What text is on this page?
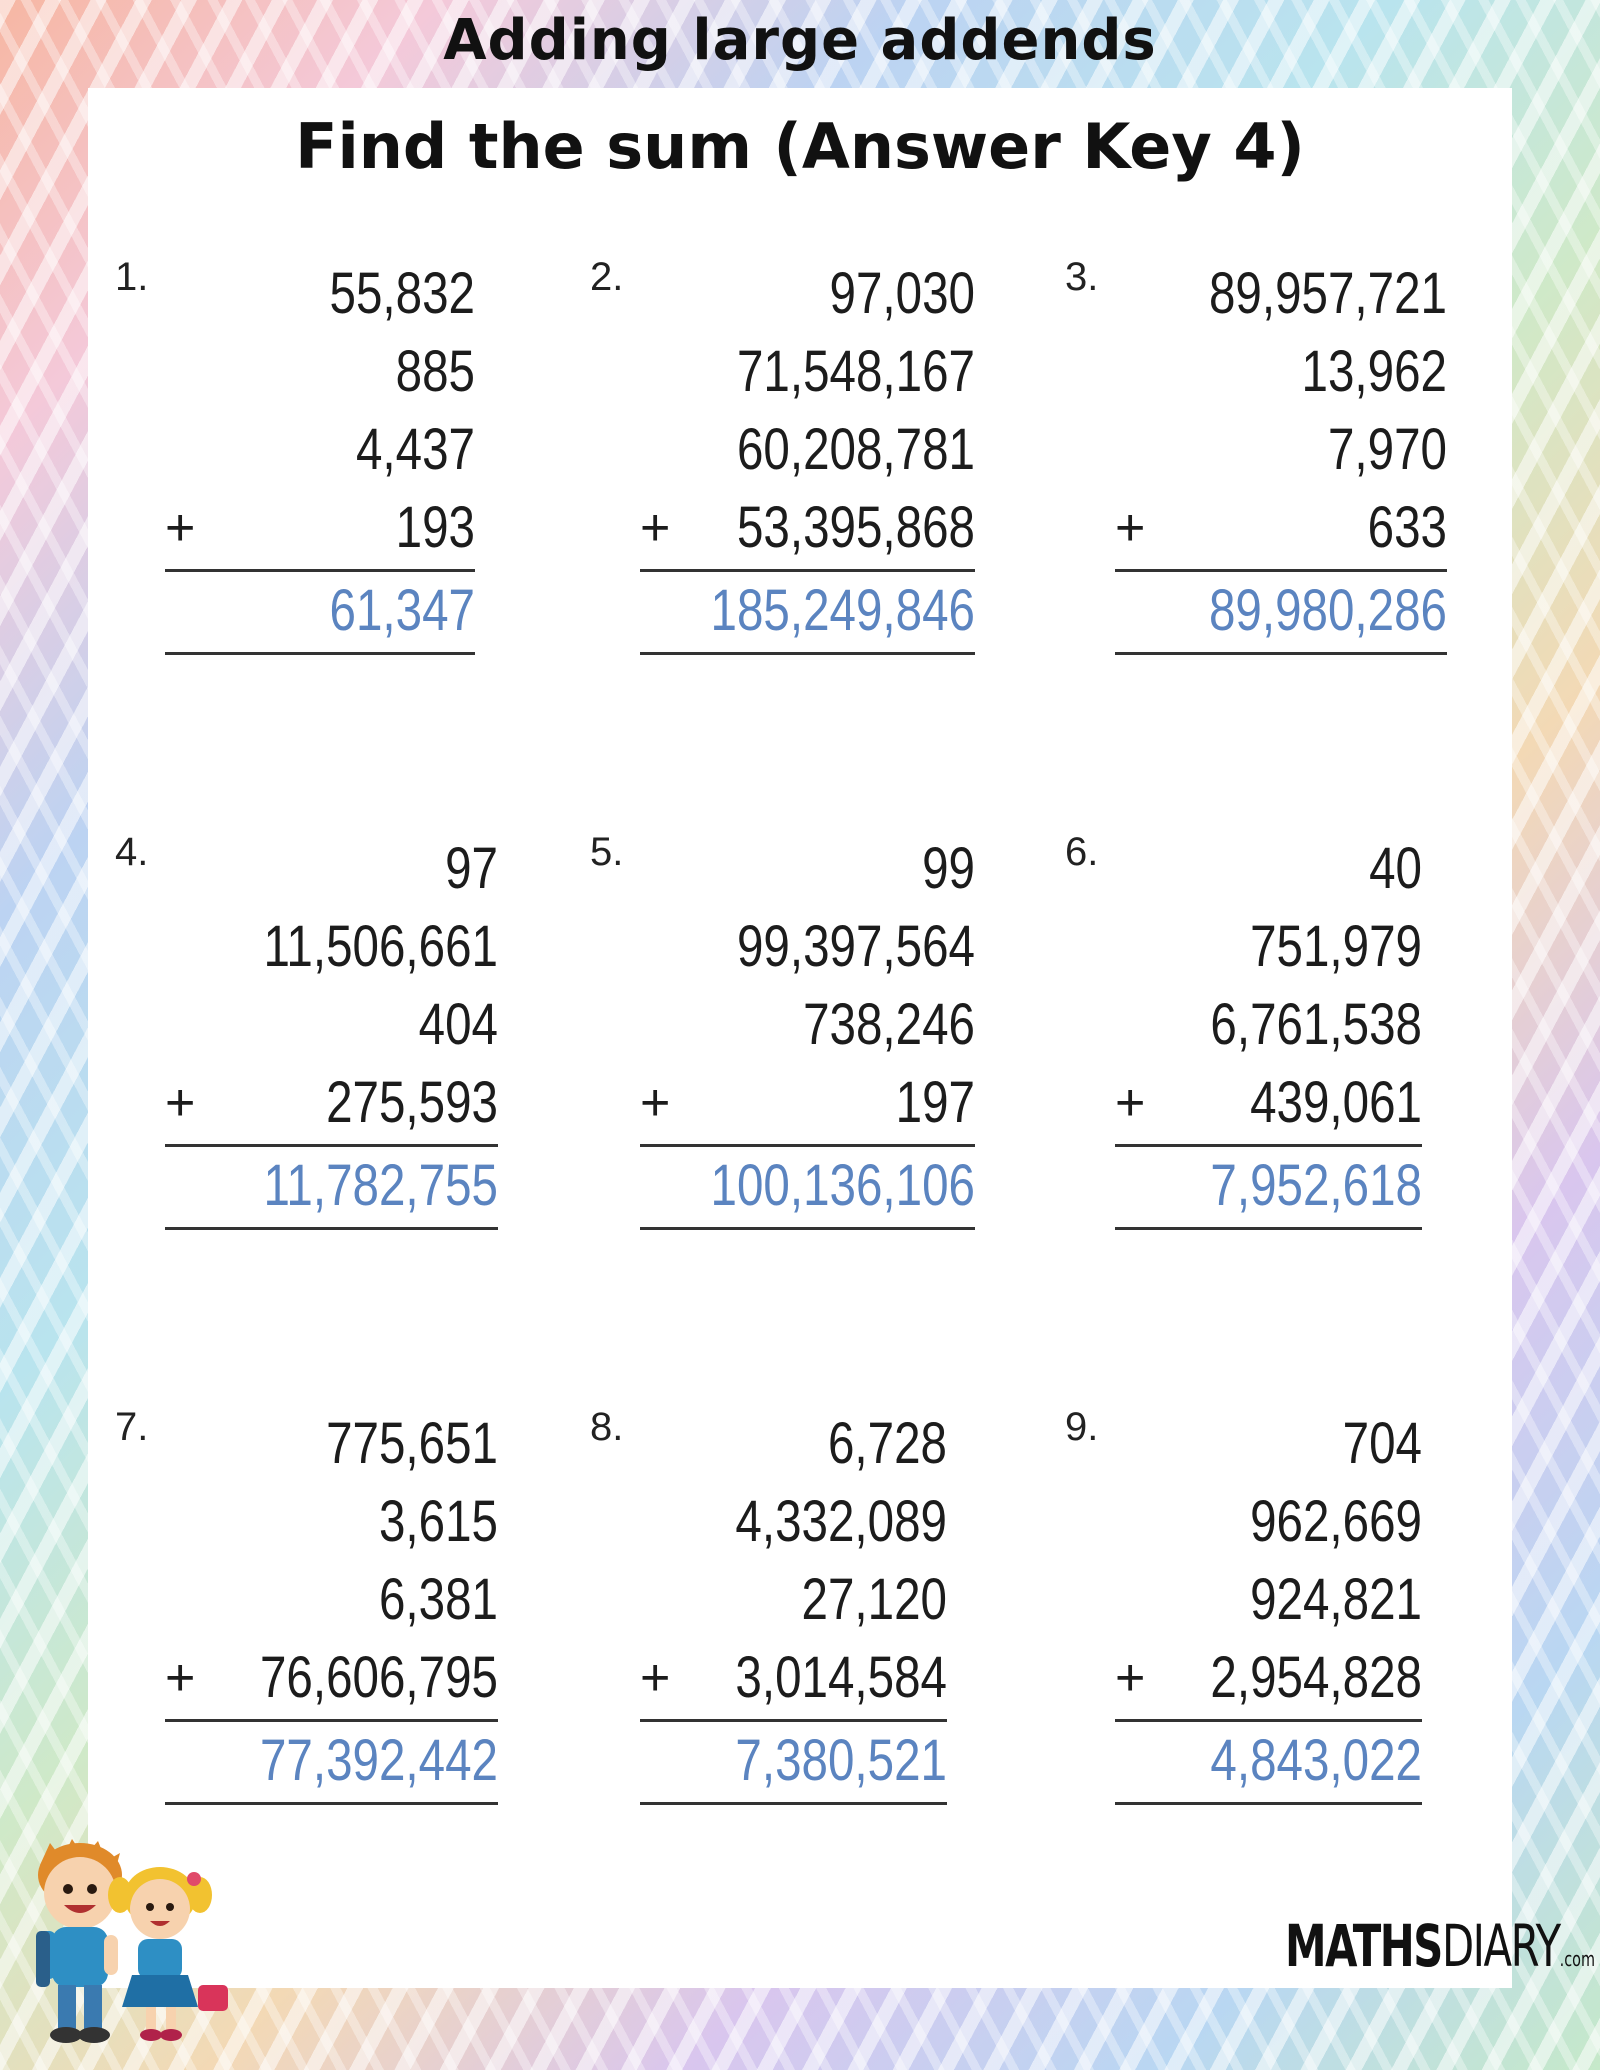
Adding large addends
Find the sum (Answer Key 4)
1.	55,832
885
4,437
+	193
61,347
2.	97,030
71,548,167
60,208,781
+	53,395,868
185,249,846
3.	89,957,721
13,962
7,970
+	633
89,980,286
4.	97
11,506,661
404
+	275,593
11,782,755
5.	99
99,397,564
738,246
+	197
100,136,106
6.	40
751,979
6,761,538
+	439,061
7,952,618
7.	775,651
3,615
6,381
+	76,606,795
77,392,442
8.	6,728
4,332,089
27,120
+	3,014,584
7,380,521
9.	704
962,669
924,821
+	2,954,828
4,843,022
MATHSDIARY.com
